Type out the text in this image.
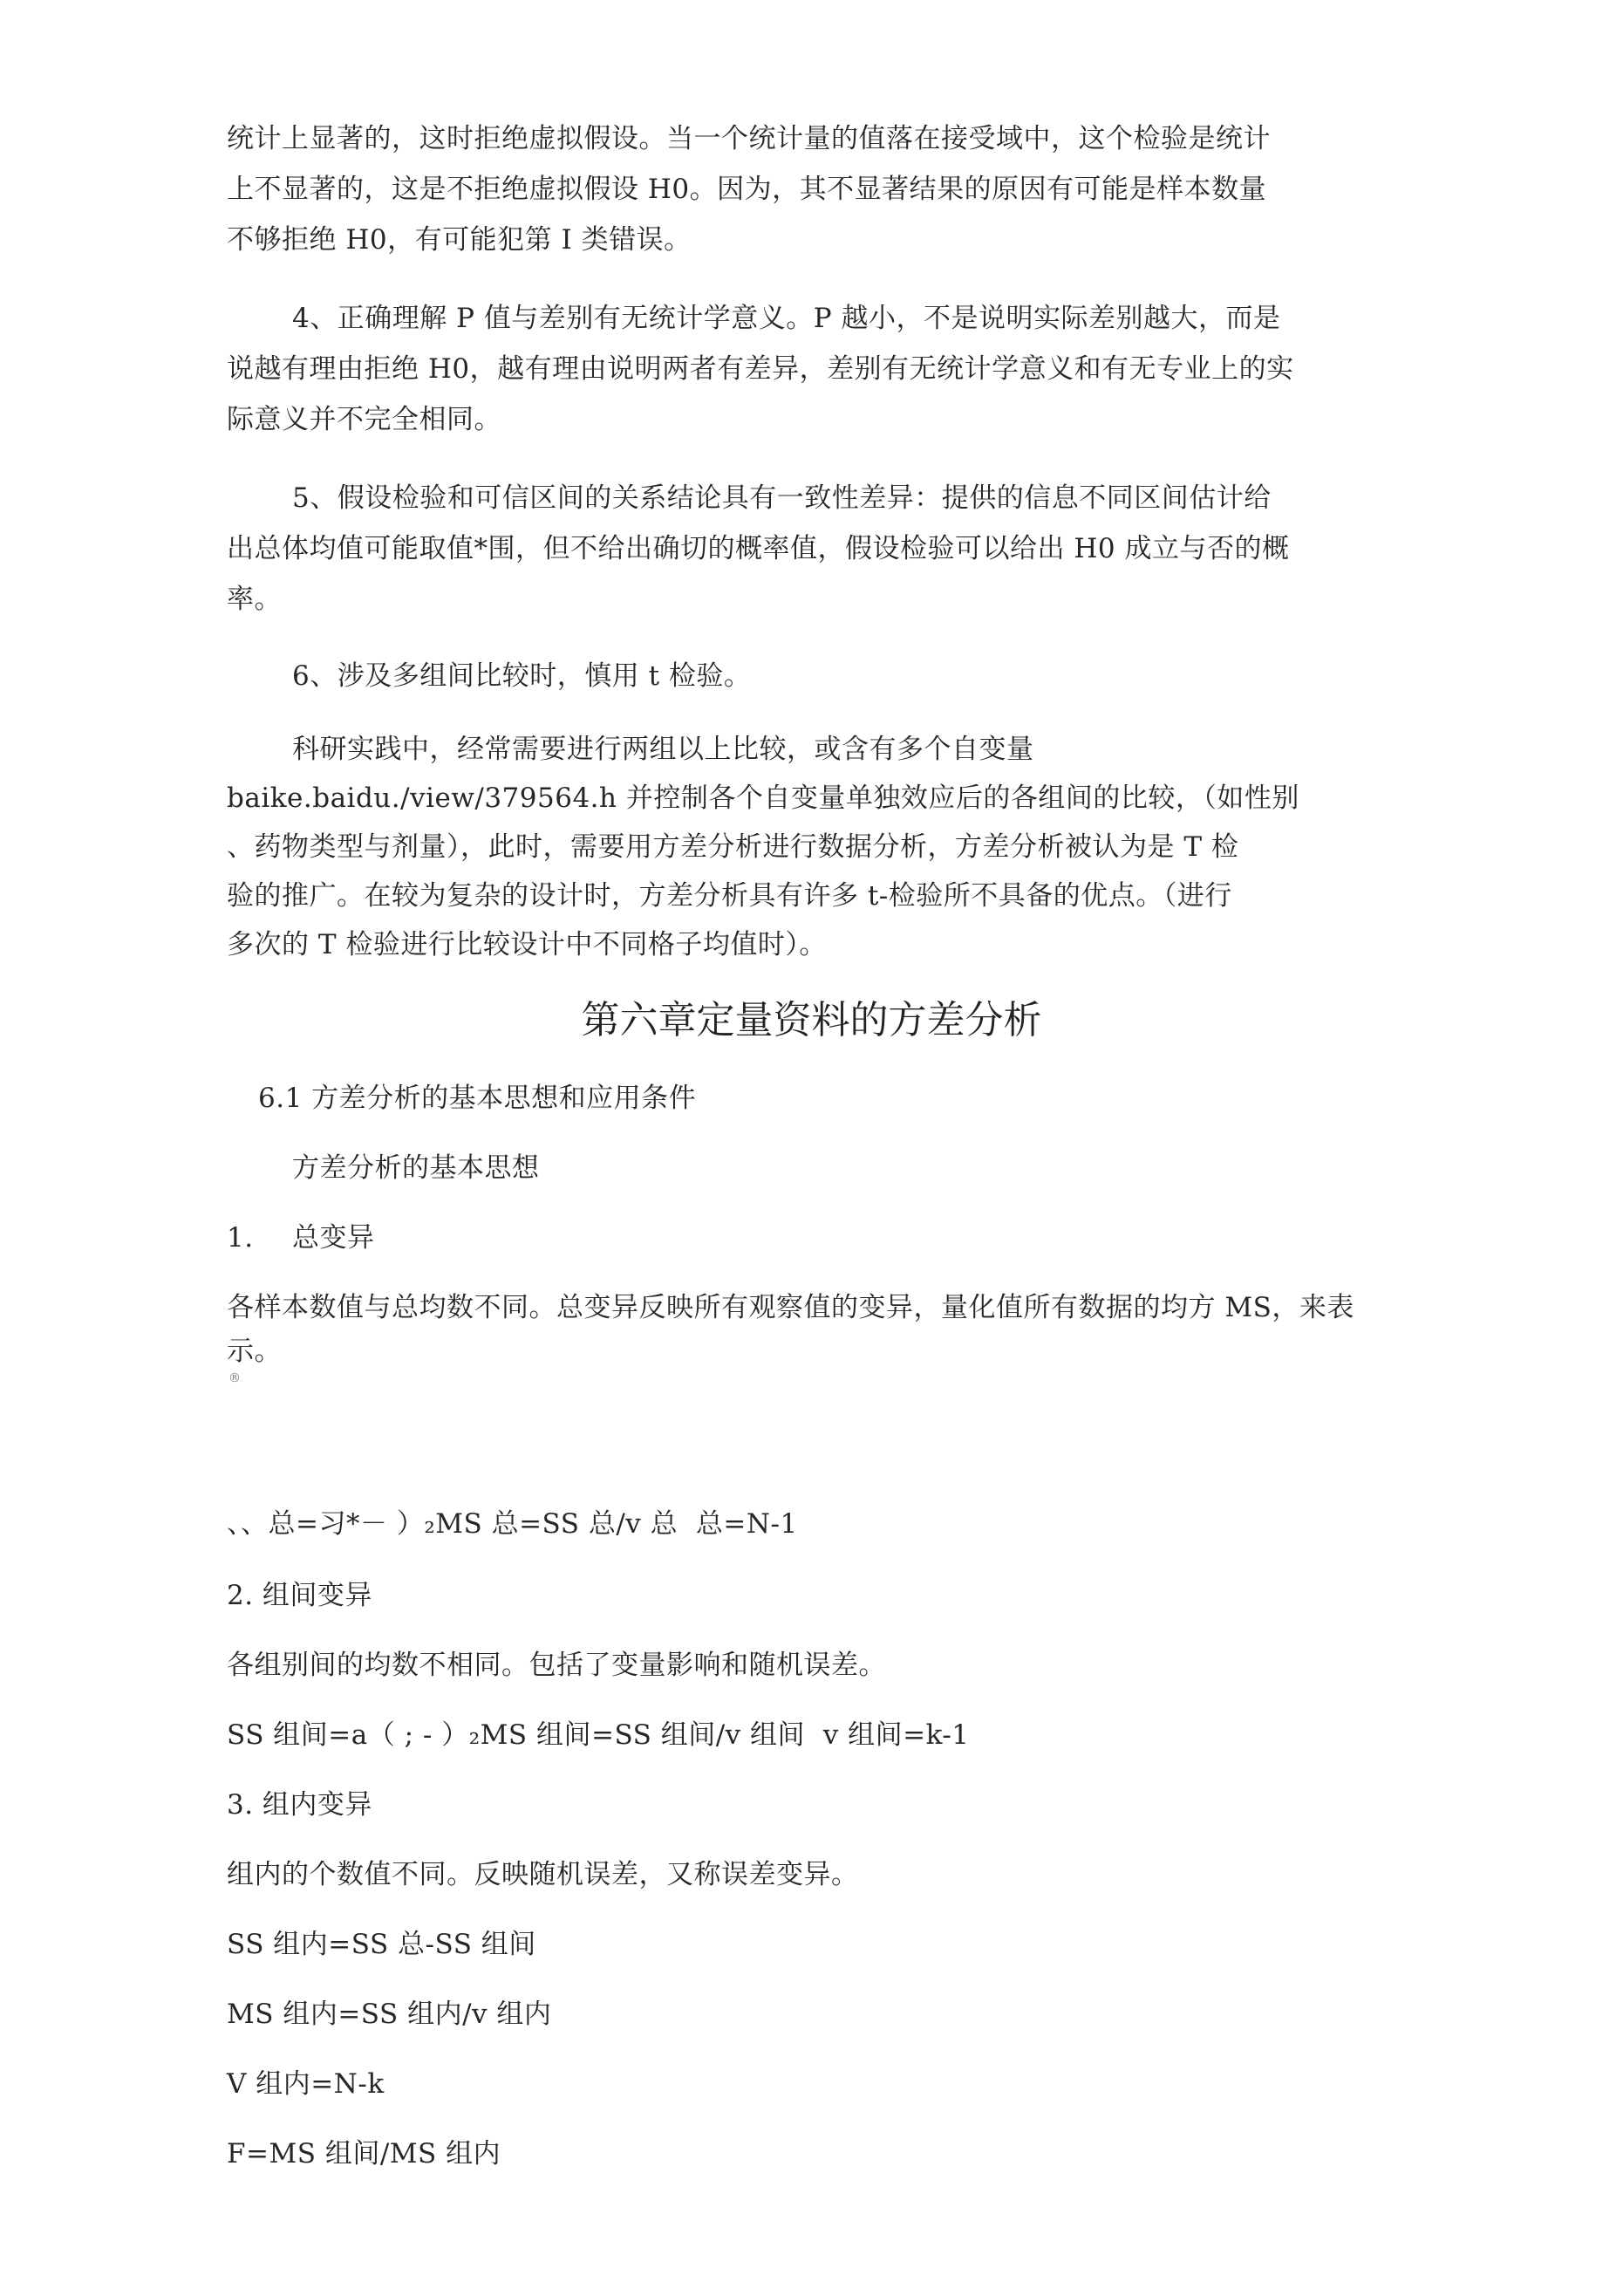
统计上显著的，这时拒绝虚拟假设。当一个统计量的值落在接受域中，这个检验是统计

上不显著的，这是不拒绝虚拟假设 H0。因为，其不显著结果的原因有可能是样本数量

不够拒绝 H0，有可能犯第 I 类错误。

4、正确理解 P 值与差别有无统计学意义。P 越小，不是说明实际差别越大，而是

说越有理由拒绝 H0，越有理由说明两者有差异，差别有无统计学意义和有无专业上的实

际意义并不完全相同。

5、假设检验和可信区间的关系结论具有一致性差异：提供的信息不同区间估计给

出总体均值可能取值*围，但不给出确切的概率值，假设检验可以给出 H0 成立与否的概

率。

6、涉及多组间比较时，慎用 t 检验。

科研实践中，经常需要进行两组以上比较，或含有多个自变量

baike.baidu./view/379564.h 并控制各个自变量单独效应后的各组间的比较，（如性别

、药物类型与剂量），此时，需要用方差分析进行数据分析，方差分析被认为是 T 检

验的推广。在较为复杂的设计时，方差分析具有许多 t-检验所不具备的优点。（进行

多次的 T 检验进行比较设计中不同格子均值时）。

第六章定量资料的方差分析

6.1 方差分析的基本思想和应用条件

方差分析的基本思想

1. 总变异

各样本数值与总均数不同。总变异反映所有观察值的变异，量化值所有数据的均方 MS，来表

示。

®

、、总=习*－ ）₂MS 总=SS 总/v 总  总=N-1

2. 组间变异

各组别间的均数不相同。包括了变量影响和随机误差。

SS 组间=a（ ; - ）₂MS 组间=SS 组间/v 组间  v 组间=k-1

3. 组内变异

组内的个数值不同。反映随机误差，又称误差变异。

SS 组内=SS 总-SS 组间

MS 组内=SS 组内/v 组内

V 组内=N-k

F=MS 组间/MS 组内
